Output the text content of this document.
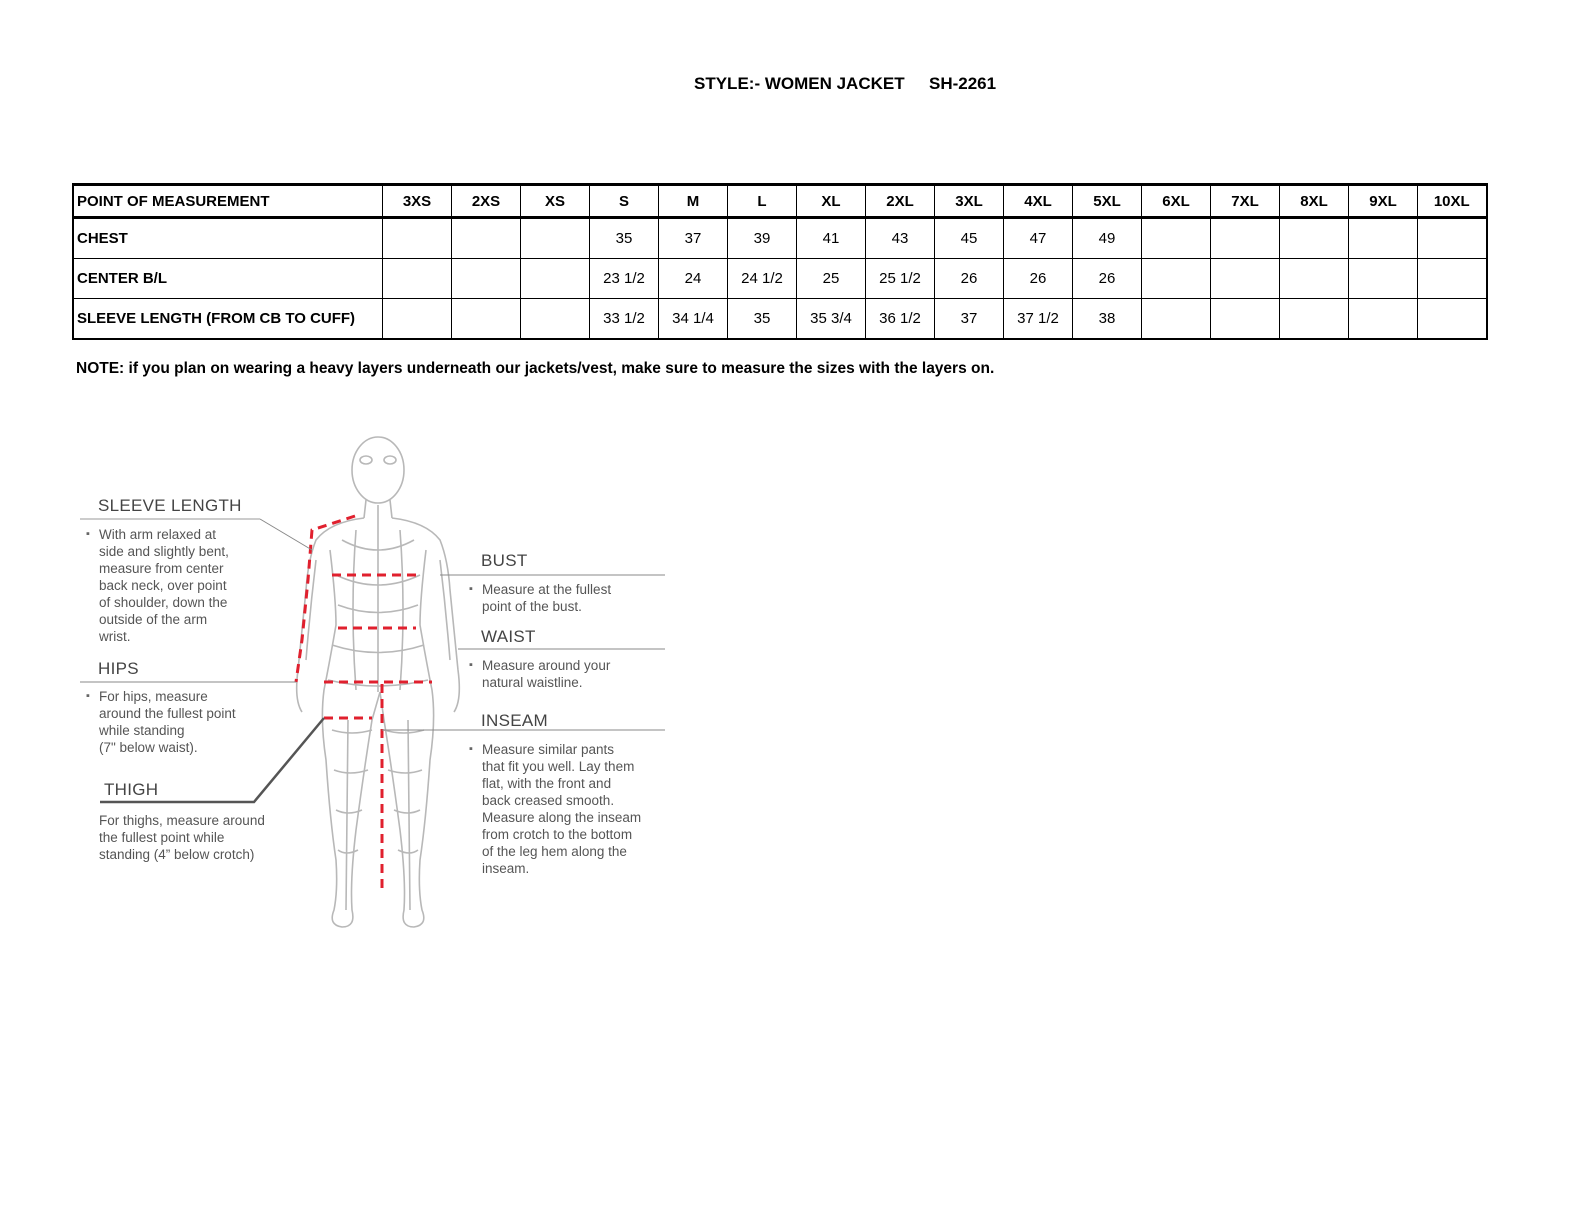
STYLE:- WOMEN JACKET SH-2261
POINT OF MEASUREMENT	3XS	2XS	XS	S	M	L	XL	2XL	3XL	4XL	5XL	6XL	7XL	8XL	9XL	10XL
CHEST				35	37	39	41	43	45	47	49					
CENTER B/L				23 1/2	24	24 1/2	25	25 1/2	26	26	26					
SLEEVE LENGTH (FROM CB TO CUFF)				33 1/2	34 1/4	35	35 3/4	36 1/2	37	37 1/2	38					
NOTE: if you plan on wearing a heavy layers underneath our jackets/vest, make sure to measure the sizes with the layers on.
SLEEVE LENGTH
▪ With arm relaxed at
side and slightly bent,
measure from center
back neck, over point
of shoulder, down the
outside of the arm
wrist.
HIPS
▪ For hips, measure
around the fullest point
while standing
(7" below waist).
THIGH
For thighs, measure around
the fullest point while
standing (4” below crotch)
BUST
▪ Measure at the fullest
point of the bust.
WAIST
▪ Measure around your
natural waistline.
INSEAM
▪ Measure similar pants
that fit you well. Lay them
flat, with the front and
back creased smooth.
Measure along the inseam
from crotch to the bottom
of the leg hem along the
inseam.
